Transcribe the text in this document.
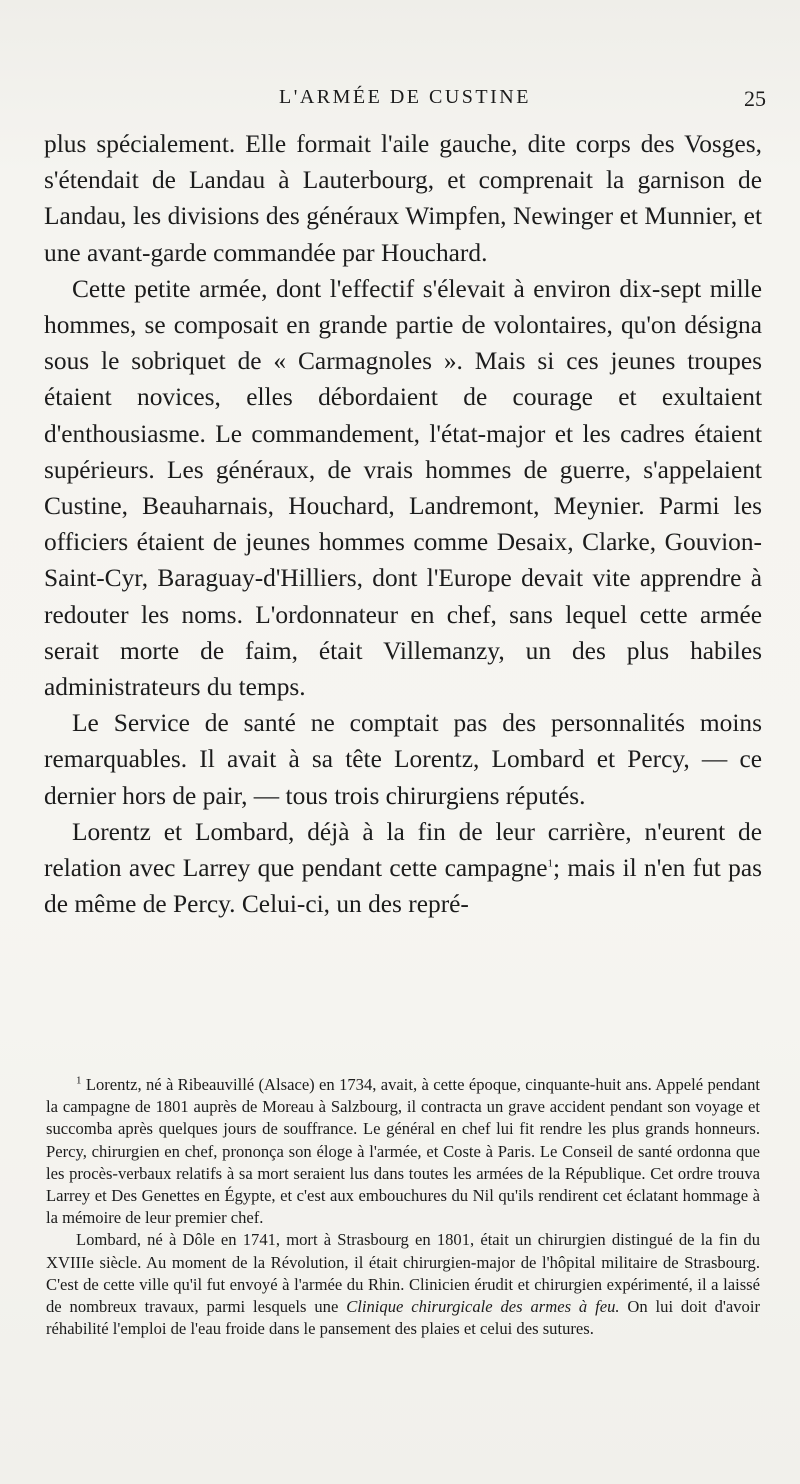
L'ARMÉE DE CUSTINE	25

plus spécialement. Elle formait l'aile gauche, dite corps des Vosges, s'étendait de Landau à Lauterbourg, et comprenait la garnison de Landau, les divisions des généraux Wimpfen, Newinger et Munnier, et une avant-garde commandée par Houchard.

Cette petite armée, dont l'effectif s'élevait à environ dix-sept mille hommes, se composait en grande partie de volontaires, qu'on désigna sous le sobriquet de « Carmagnoles ». Mais si ces jeunes troupes étaient novices, elles débordaient de courage et exultaient d'enthousiasme. Le commandement, l'état-major et les cadres étaient supérieurs. Les généraux, de vrais hommes de guerre, s'appelaient Custine, Beauharnais, Houchard, Landremont, Meynier. Parmi les officiers étaient de jeunes hommes comme Desaix, Clarke, Gouvion-Saint-Cyr, Baraguay-d'Hilliers, dont l'Europe devait vite apprendre à redouter les noms. L'ordonnateur en chef, sans lequel cette armée serait morte de faim, était Villemanzy, un des plus habiles administrateurs du temps.

Le Service de santé ne comptait pas des personnalités moins remarquables. Il avait à sa tête Lorentz, Lombard et Percy, — ce dernier hors de pair, — tous trois chirurgiens réputés.

Lorentz et Lombard, déjà à la fin de leur carrière, n'eurent de relation avec Larrey que pendant cette campagne$^1$; mais il n'en fut pas de même de Percy. Celui-ci, un des repré-

$^1$ Lorentz, né à Ribeauvillé (Alsace) en 1734, avait, à cette époque, cinquante-huit ans. Appelé pendant la campagne de 1801 auprès de Moreau à Salzbourg, il contracta un grave accident pendant son voyage et succomba après quelques jours de souffrance. Le général en chef lui fit rendre les plus grands honneurs. Percy, chirurgien en chef, prononça son éloge à l'armée, et Coste à Paris. Le Conseil de santé ordonna que les procès-verbaux relatifs à sa mort seraient lus dans toutes les armées de la République. Cet ordre trouva Larrey et Des Genettes en Égypte, et c'est aux embouchures du Nil qu'ils rendirent cet éclatant hommage à la mémoire de leur premier chef.

Lombard, né à Dôle en 1741, mort à Strasbourg en 1801, était un chirurgien distingué de la fin du XVIIIe siècle. Au moment de la Révolution, il était chirurgien-major de l'hôpital militaire de Strasbourg. C'est de cette ville qu'il fut envoyé à l'armée du Rhin. Clinicien érudit et chirurgien expérimenté, il a laissé de nombreux travaux, parmi lesquels une Clinique chirurgicale des armes à feu. On lui doit d'avoir réhabilité l'emploi de l'eau froide dans le pansement des plaies et celui des sutures.
